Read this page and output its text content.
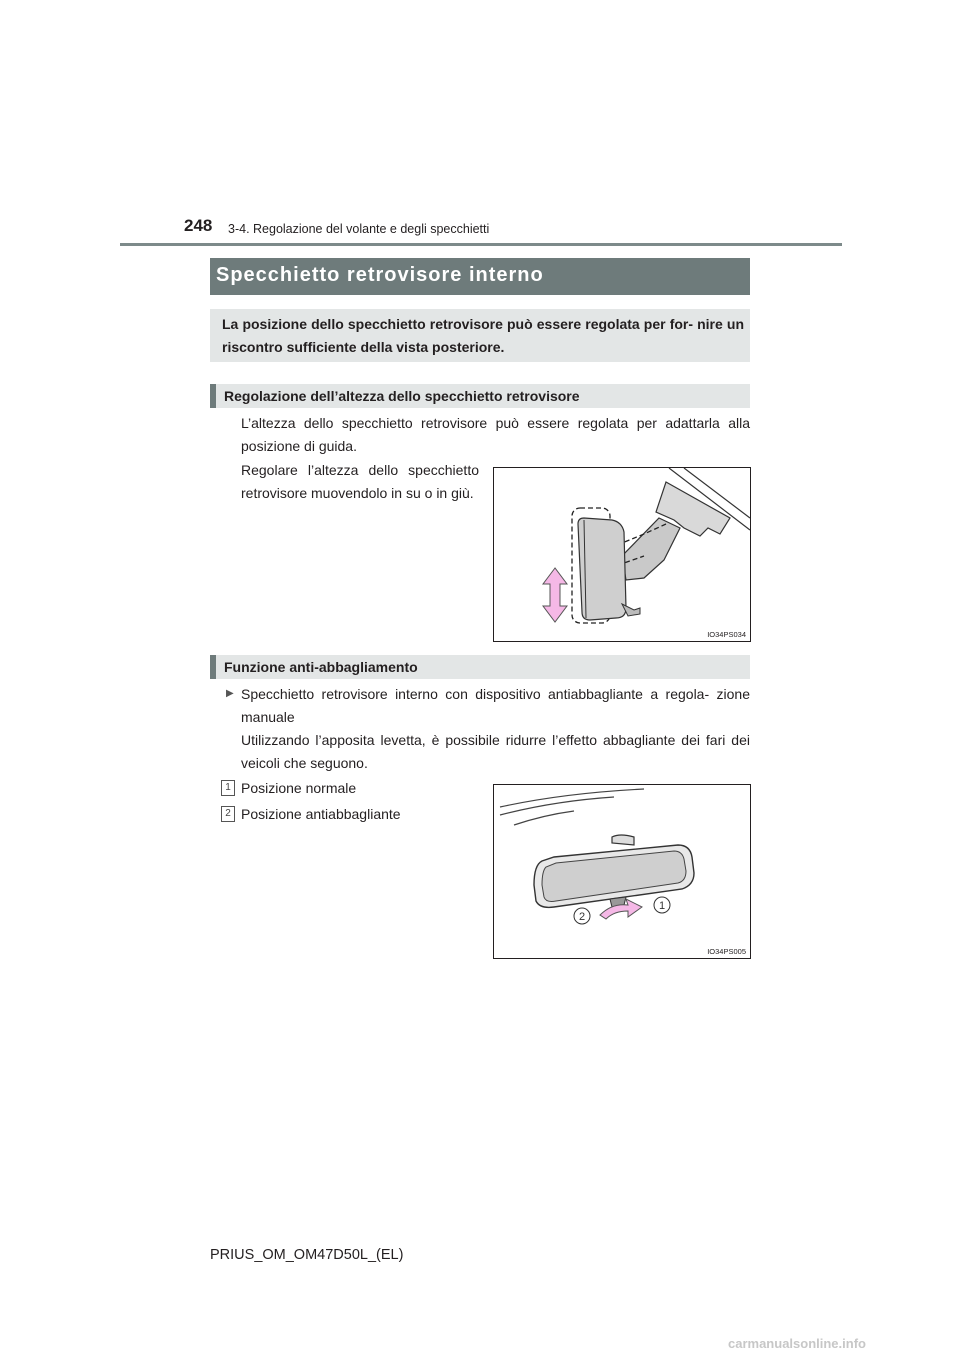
248 3-4. Regolazione del volante e degli specchietti
Specchietto retrovisore interno
La posizione dello specchietto retrovisore può essere regolata per for- nire un riscontro sufficiente della vista posteriore.
Regolazione dell’altezza dello specchietto retrovisore
L’altezza dello specchietto retrovisore può essere regolata per adattarla alla posizione di guida.
Regolare l’altezza dello specchietto retrovisore muovendolo in su o in giù.
IO34PS034
Funzione anti-abbagliamento
▶ Specchietto retrovisore interno con dispositivo antiabbagliante a regola- zione manuale
Utilizzando l’apposita levetta, è possibile ridurre l’effetto abbagliante dei fari dei veicoli che seguono.
1 Posizione normale
2 Posizione antiabbagliante
2
1
IO34PS005
PRIUS_OM_OM47D50L_(EL)
carmanualsonline.info
